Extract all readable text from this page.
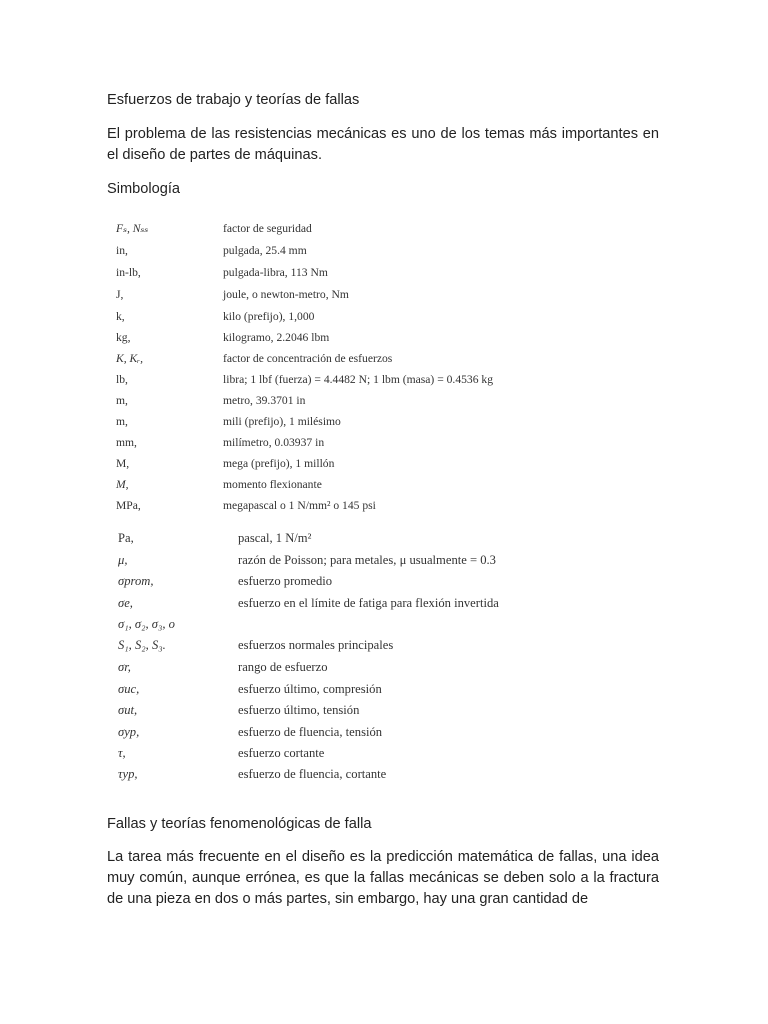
Esfuerzos de trabajo y teorías de fallas

El problema de las resistencias mecánicas es uno de los temas más importantes en el diseño de partes de máquinas.

Simbología

Fₛ, Nₛₛ	factor de seguridad
in,	pulgada, 25.4 mm
in-lb,	pulgada-libra, 113 Nm
J,	joule, o newton-metro, Nm
k,	kilo (prefijo), 1,000
kg,	kilogramo, 2.2046 lbm
K, Kᵣ,	factor de concentración de esfuerzos
lb,	libra; 1 lbf (fuerza) = 4.4482 N; 1 lbm (masa) = 0.4536 kg
m,	metro, 39.3701 in
m,	mili (prefijo), 1 milésimo
mm,	milímetro, 0.03937 in
M,	mega (prefijo), 1 millón
M,	momento flexionante
MPa,	megapascal o 1 N/mm² o 145 psi
Pa,	pascal, 1 N/m²
μ,	razón de Poisson; para metales, μ usualmente = 0.3
σprom,	esfuerzo promedio
σe,	esfuerzo en el límite de fatiga para flexión invertida
σ₁, σ₂, σ₃, o
S₁, S₂, S₃.	esfuerzos normales principales
σr,	rango de esfuerzo
σuc,	esfuerzo último, compresión
σut,	esfuerzo último, tensión
σyp,	esfuerzo de fluencia, tensión
τ,	esfuerzo cortante
τyp,	esfuerzo de fluencia, cortante

Fallas y teorías fenomenológicas de falla

La tarea más frecuente en el diseño es la predicción matemática de fallas, una idea muy común, aunque errónea, es que la fallas mecánicas se deben solo a la fractura de una pieza en dos o más partes, sin embargo, hay una gran cantidad de
